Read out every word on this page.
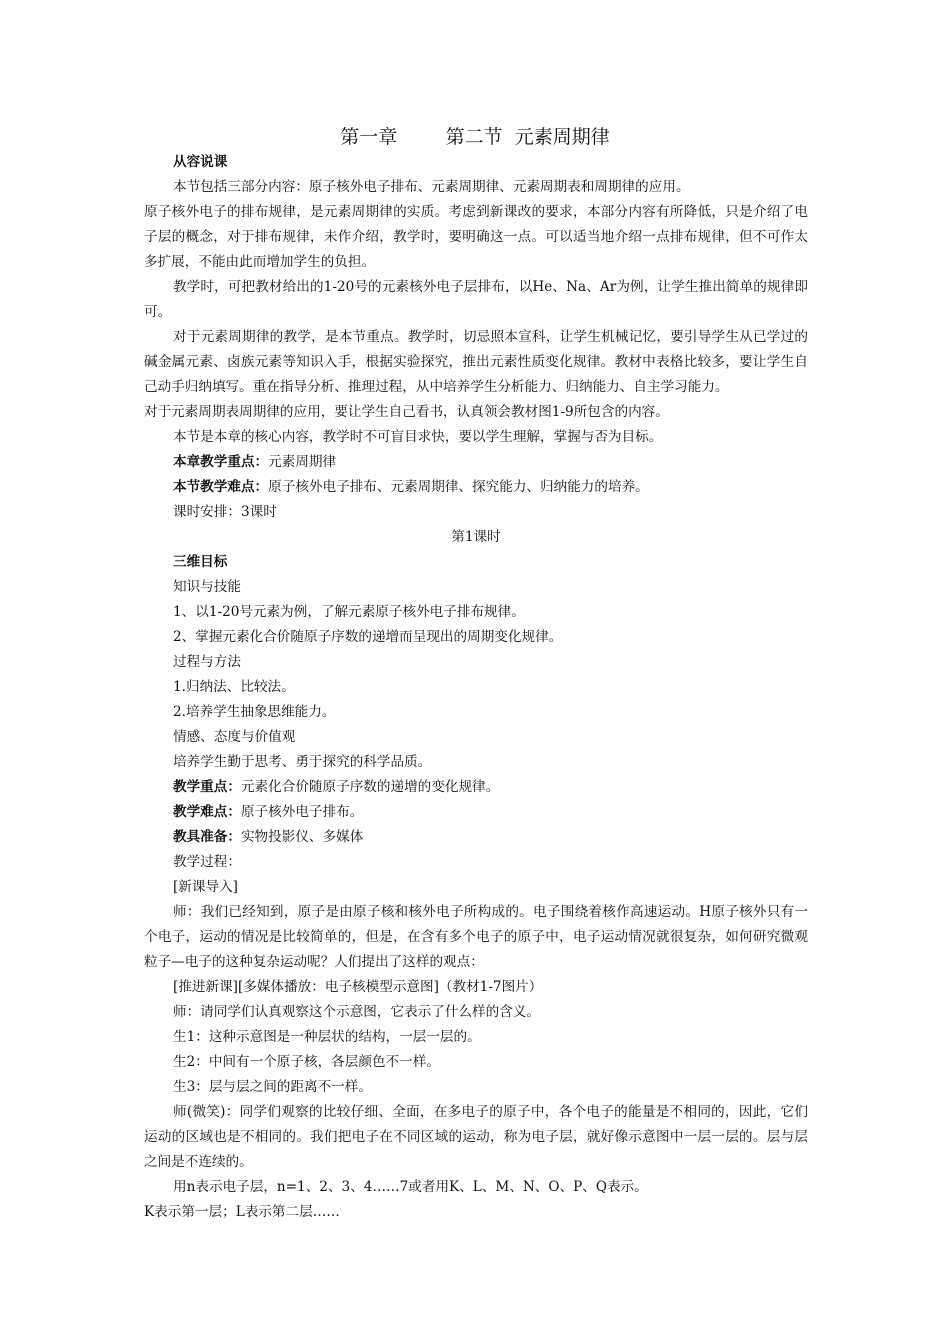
第一章        第二节  元素周期律

从容说课

本节包括三部分内容：原子核外电子排布、元素周期律、元素周期表和周期律的应用。

原子核外电子的排布规律，是元素周期律的实质。考虑到新课改的要求，本部分内容有所降低，只是介绍了电子层的概念，对于排布规律，未作介绍，教学时，要明确这一点。可以适当地介绍一点排布规律，但不可作太多扩展，不能由此而增加学生的负担。

教学时，可把教材给出的1-20号的元素核外电子层排布，以He、Na、Ar为例，让学生推出简单的规律即可。

对于元素周期律的教学，是本节重点。教学时，切忌照本宣科，让学生机械记忆，要引导学生从已学过的碱金属元素、卤族元素等知识入手，根据实验探究，推出元素性质变化规律。教材中表格比较多，要让学生自己动手归纳填写。重在指导分析、推理过程，从中培养学生分析能力、归纳能力、自主学习能力。

对于元素周期表周期律的应用，要让学生自己看书，认真领会教材图1-9所包含的内容。

本节是本章的核心内容，教学时不可盲目求快，要以学生理解，掌握与否为目标。

本章教学重点：元素周期律

本节教学难点：原子核外电子排布、元素周期律、探究能力、归纳能力的培养。

课时安排：3课时

第1课时

三维目标

知识与技能

1、以1-20号元素为例，了解元素原子核外电子排布规律。

2、掌握元素化合价随原子序数的递增而呈现出的周期变化规律。

过程与方法

1.归纳法、比较法。

2.培养学生抽象思维能力。

情感、态度与价值观

培养学生勤于思考、勇于探究的科学品质。

教学重点：元素化合价随原子序数的递增的变化规律。

教学难点：原子核外电子排布。

教具准备：实物投影仪、多媒体

教学过程：

[新课导入]

师：我们已经知到，原子是由原子核和核外电子所构成的。电子围绕着核作高速运动。H原子核外只有一个电子，运动的情况是比较简单的，但是，在含有多个电子的原子中，电子运动情况就很复杂，如何研究微观粒子—电子的这种复杂运动呢？人们提出了这样的观点：

[推进新课][多媒体播放：电子核模型示意图]（教材1-7图片）

师：请同学们认真观察这个示意图，它表示了什么样的含义。

生1：这种示意图是一种层状的结构，一层一层的。

生2：中间有一个原子核，各层颜色不一样。

生3：层与层之间的距离不一样。

师(微笑)：同学们观察的比较仔细、全面，在多电子的原子中，各个电子的能量是不相同的，因此，它们运动的区域也是不相同的。我们把电子在不同区域的运动，称为电子层，就好像示意图中一层一层的。层与层之间是不连续的。

用n表示电子层，n=1、2、3、4……7或者用K、L、M、N、O、P、Q表示。

K表示第一层；L表示第二层……
